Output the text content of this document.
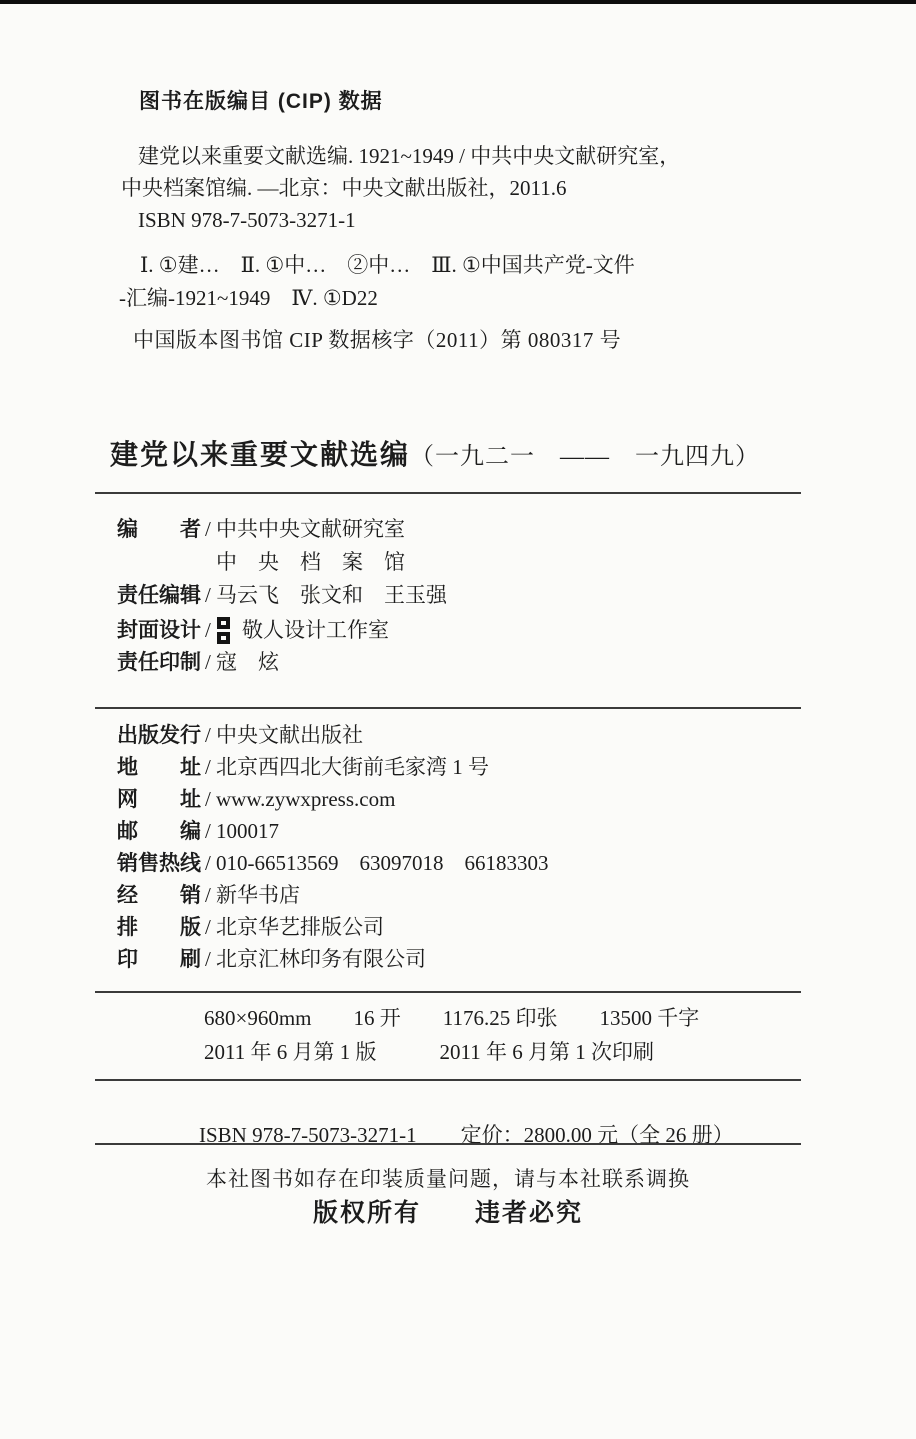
图书在版编目 (CIP) 数据
建党以来重要文献选编. 1921~1949 / 中共中央文献研究室，
中央档案馆编. —北京：中央文献出版社，2011.6
ISBN 978-7-5073-3271-1
Ⅰ. ①建…　Ⅱ. ①中…　②中…　Ⅲ. ①中国共产党-文件
-汇编-1921~1949　Ⅳ. ①D22
中国版本图书馆 CIP 数据核字（2011）第 080317 号
建党以来重要文献选编（一九二一　——　一九四九）
编　　者 / 中共中央文献研究室
中　央　档　案　馆
责任编辑 / 马云飞　张文和　王玉强
封面设计 / 敬人设计工作室
责任印制 / 寇　炫
出版发行 / 中央文献出版社
地　　址 / 北京西四北大街前毛家湾 1 号
网　　址 / www.zywxpress.com
邮　　编 / 100017
销售热线 / 010-66513569　63097018　66183303
经　　销 / 新华书店
排　　版 / 北京华艺排版公司
印　　刷 / 北京汇林印务有限公司
680×960mm　　16 开　　1176.25 印张　　13500 千字
2011 年 6 月第 1 版　　　2011 年 6 月第 1 次印刷

ISBN 978-7-5073-3271-1 定价：2800.00 元（全 26 册）

本社图书如存在印装质量问题，请与本社联系调换
版权所有　　违者必究
